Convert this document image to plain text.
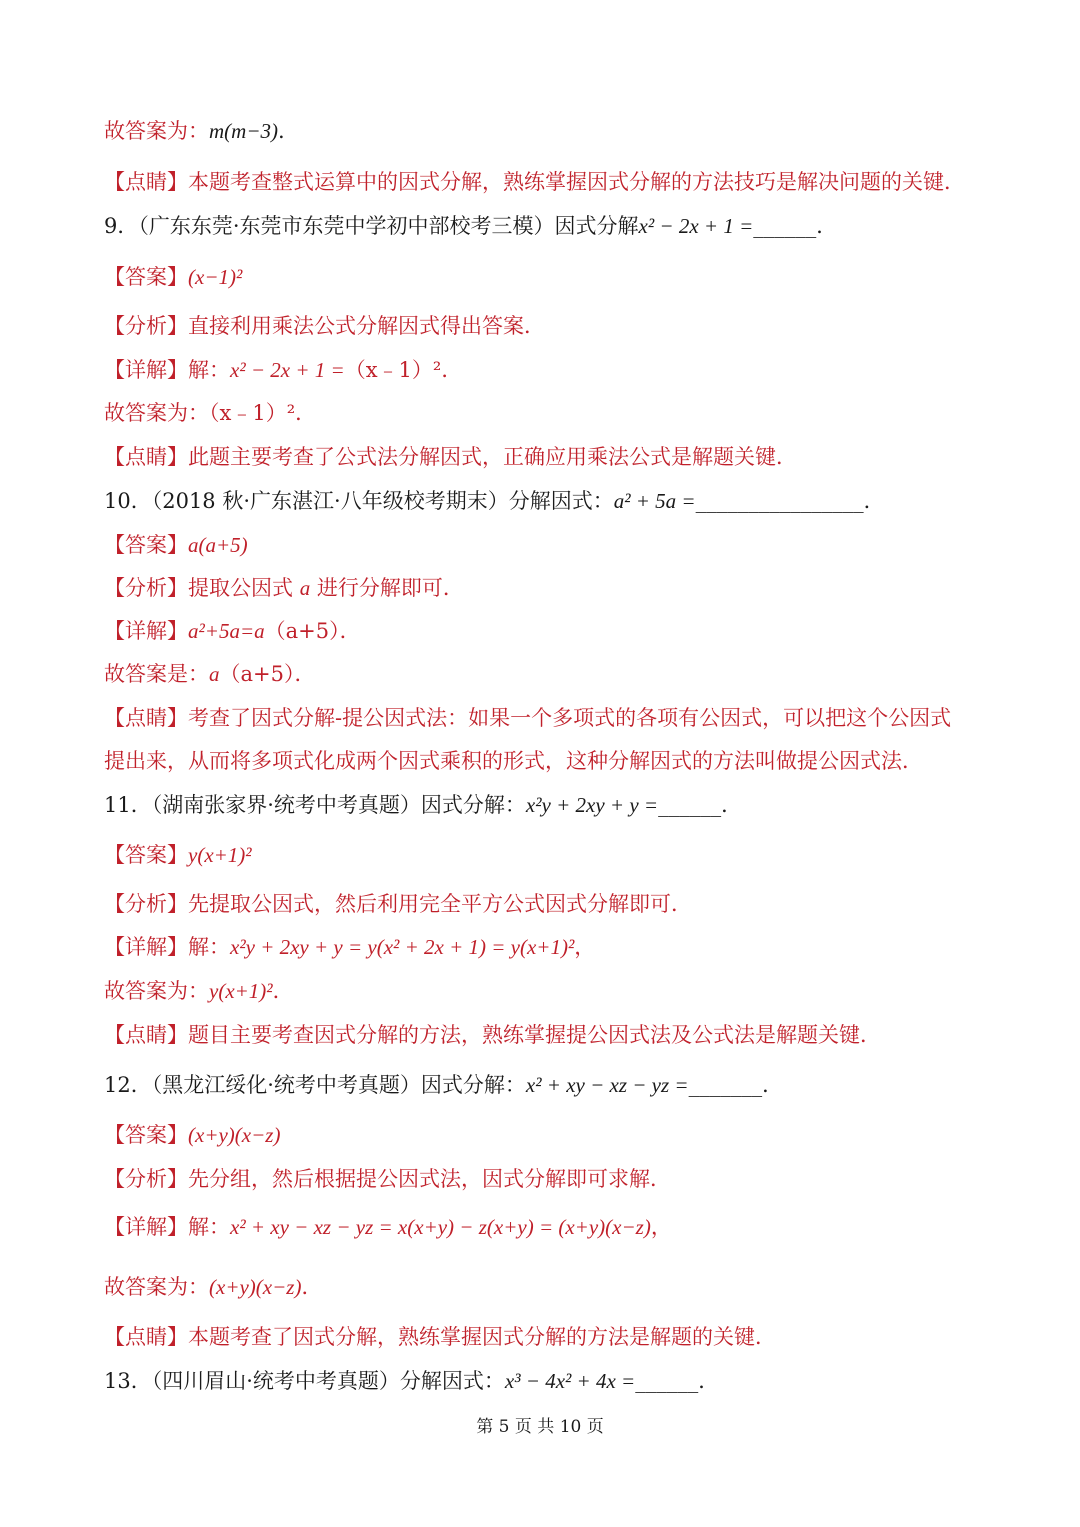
故答案为：m(m−3).
【点睛】本题考查整式运算中的因式分解，熟练掌握因式分解的方法技巧是解决问题的关键．
9．（广东东莞·东莞市东莞中学初中部校考三模）因式分解x² − 2x + 1 =______．
【答案】(x−1)²
【分析】直接利用乘法公式分解因式得出答案．
【详解】解：x² − 2x + 1 =（x﹣1）²．
故答案为：（x﹣1）²．
【点睛】此题主要考查了公式法分解因式，正确应用乘法公式是解题关键．
10．（2018 秋·广东湛江·八年级校考期末）分解因式：a² + 5a =________________．
【答案】a(a+5)
【分析】提取公因式 a 进行分解即可．
【详解】a²+5a=a（a+5）．
故答案是：a（a+5）．
【点睛】考查了因式分解-提公因式法：如果一个多项式的各项有公因式，可以把这个公因式
提出来，从而将多项式化成两个因式乘积的形式，这种分解因式的方法叫做提公因式法．
11．（湖南张家界·统考中考真题）因式分解：x²y + 2xy + y =______．
【答案】y(x+1)²
【分析】先提取公因式，然后利用完全平方公式因式分解即可．
【详解】解：x²y + 2xy + y = y(x² + 2x + 1) = y(x+1)²，
故答案为：y(x+1)²．
【点睛】题目主要考查因式分解的方法，熟练掌握提公因式法及公式法是解题关键．
12．（黑龙江绥化·统考中考真题）因式分解：x² + xy − xz − yz =_______．
【答案】(x+y)(x−z)
【分析】先分组，然后根据提公因式法，因式分解即可求解．
【详解】解：x² + xy − xz − yz = x(x+y) − z(x+y) = (x+y)(x−z)，
故答案为：(x+y)(x−z)．
【点睛】本题考查了因式分解，熟练掌握因式分解的方法是解题的关键．
13．（四川眉山·统考中考真题）分解因式：x³ − 4x² + 4x =______．
第 5 页 共 10 页
